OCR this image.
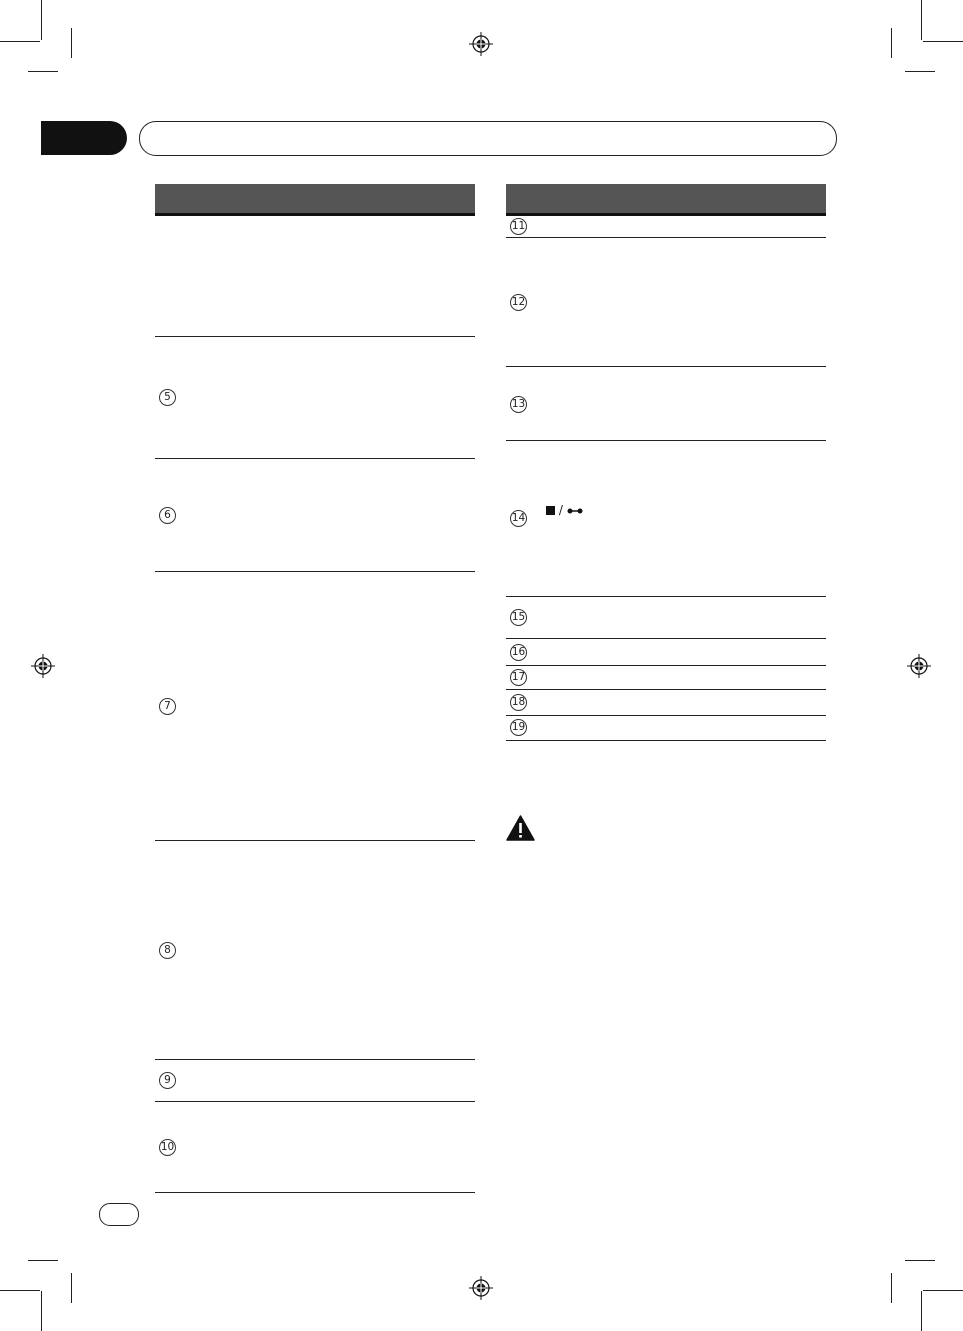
5
6
7
8
9
10
11
12
13
14
15
16
17
18
19
/
